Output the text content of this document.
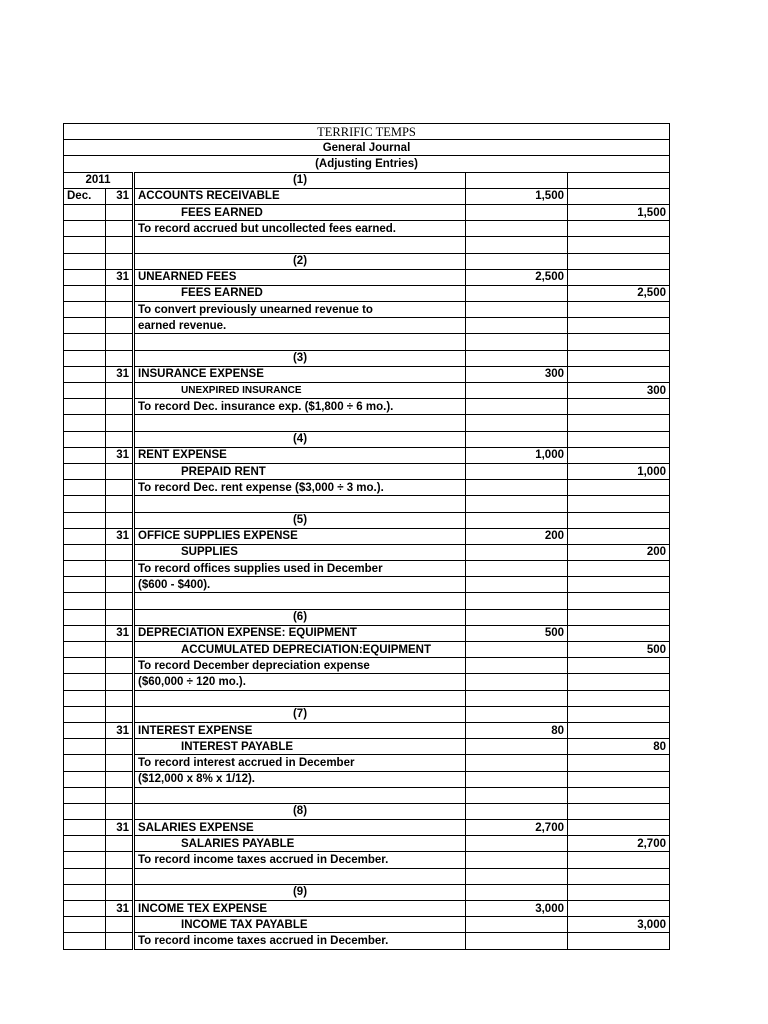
TERRIFIC TEMPS				
General Journal				
(Adjusting Entries)				
2011		(1)		
Dec.	31	ACCOUNTS RECEIVABLE	1,500	
		FEES EARNED		1,500
		To record accrued but uncollected fees earned.		

		(2)		
	31	UNEARNED FEES	2,500	
		FEES EARNED		2,500
		To convert previously unearned revenue to		
		earned revenue.		

		(3)		
	31	INSURANCE EXPENSE	300	
		UNEXPIRED INSURANCE		300
		To record Dec. insurance exp. ($1,800 ÷ 6 mo.).		

		(4)		
	31	RENT EXPENSE	1,000	
		PREPAID RENT		1,000
		To record Dec. rent expense ($3,000 ÷ 3 mo.).		

		(5)		
	31	OFFICE SUPPLIES EXPENSE	200	
		SUPPLIES		200
		To record offices supplies used in December		
		($600 - $400).		

		(6)		
	31	DEPRECIATION EXPENSE: EQUIPMENT	500	
		ACCUMULATED DEPRECIATION:EQUIPMENT		500
		To record December depreciation expense		
		($60,000 ÷ 120 mo.).		

		(7)		
	31	INTEREST EXPENSE	80	
		INTEREST PAYABLE		80
		To record interest accrued in December		
		($12,000 x 8% x 1/12).		

		(8)		
	31	SALARIES EXPENSE	2,700	
		SALARIES PAYABLE		2,700
		To record income taxes accrued in December.		

		(9)		
	31	INCOME TEX EXPENSE	3,000	
		INCOME TAX PAYABLE		3,000
		To record income taxes accrued in December.		
